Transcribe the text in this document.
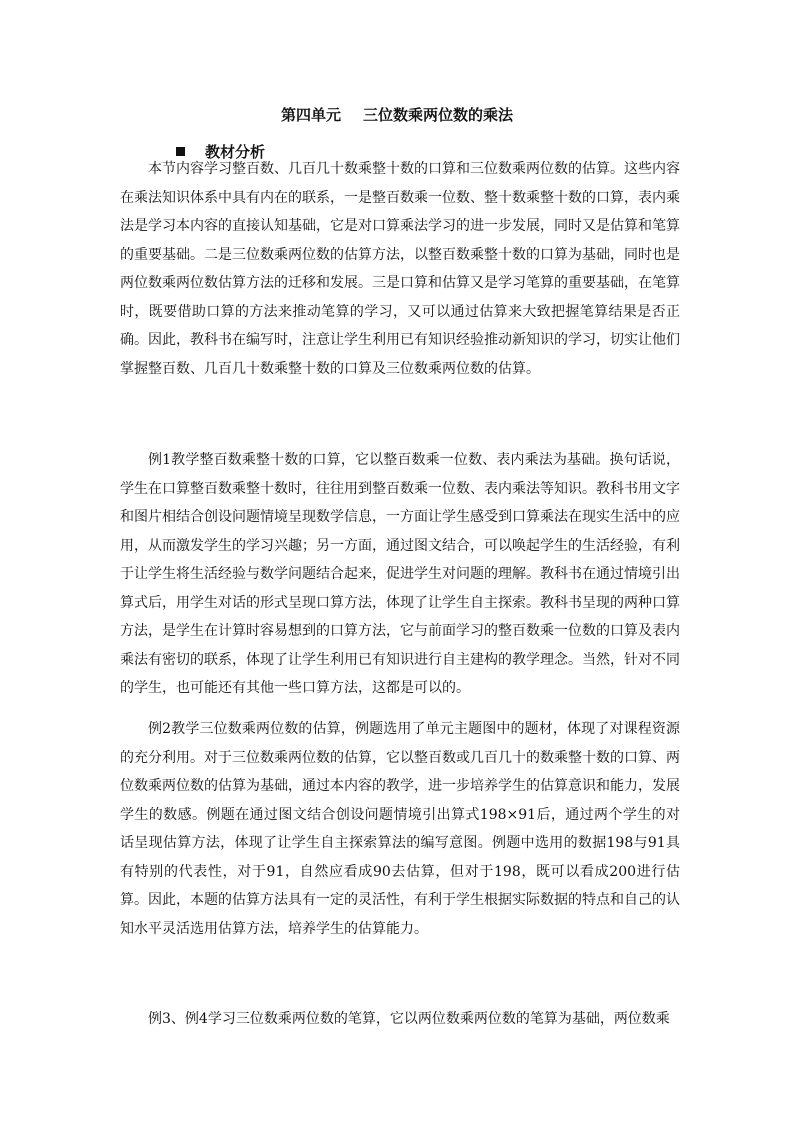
第四单元 三位数乘两位数的乘法
教材分析

本节内容学习整百数、几百几十数乘整十数的口算和三位数乘两位数的估算。这些内容在乘法知识体系中具有内在的联系，一是整百数乘一位数、整十数乘整十数的口算，表内乘法是学习本内容的直接认知基础，它是对口算乘法学习的进一步发展，同时又是估算和笔算的重要基础。二是三位数乘两位数的估算方法，以整百数乘整十数的口算为基础，同时也是两位数乘两位数估算方法的迁移和发展。三是口算和估算又是学习笔算的重要基础，在笔算时，既要借助口算的方法来推动笔算的学习，又可以通过估算来大致把握笔算结果是否正确。因此，教科书在编写时，注意让学生利用已有知识经验推动新知识的学习，切实让他们掌握整百数、几百几十数乘整十数的口算及三位数乘两位数的估算。

例1教学整百数乘整十数的口算，它以整百数乘一位数、表内乘法为基础。换句话说，学生在口算整百数乘整十数时，往往用到整百数乘一位数、表内乘法等知识。教科书用文字和图片相结合创设问题情境呈现数学信息，一方面让学生感受到口算乘法在现实生活中的应用，从而激发学生的学习兴趣；另一方面，通过图文结合，可以唤起学生的生活经验，有利于让学生将生活经验与数学问题结合起来，促进学生对问题的理解。教科书在通过情境引出算式后，用学生对话的形式呈现口算方法，体现了让学生自主探索。教科书呈现的两种口算方法，是学生在计算时容易想到的口算方法，它与前面学习的整百数乘一位数的口算及表内乘法有密切的联系，体现了让学生利用已有知识进行自主建构的教学理念。当然，针对不同的学生，也可能还有其他一些口算方法，这都是可以的。

例2教学三位数乘两位数的估算，例题选用了单元主题图中的题材，体现了对课程资源的充分利用。对于三位数乘两位数的估算，它以整百数或几百几十的数乘整十数的口算、两位数乘两位数的估算为基础，通过本内容的教学，进一步培养学生的估算意识和能力，发展学生的数感。例题在通过图文结合创设问题情境引出算式198×91后，通过两个学生的对话呈现估算方法，体现了让学生自主探索算法的编写意图。例题中选用的数据198与91具有特别的代表性，对于91，自然应看成90去估算，但对于198，既可以看成200进行估算。因此，本题的估算方法具有一定的灵活性，有利于学生根据实际数据的特点和自己的认知水平灵活选用估算方法，培养学生的估算能力。

例3、例4学习三位数乘两位数的笔算，它以两位数乘两位数的笔算为基础，两位数乘
